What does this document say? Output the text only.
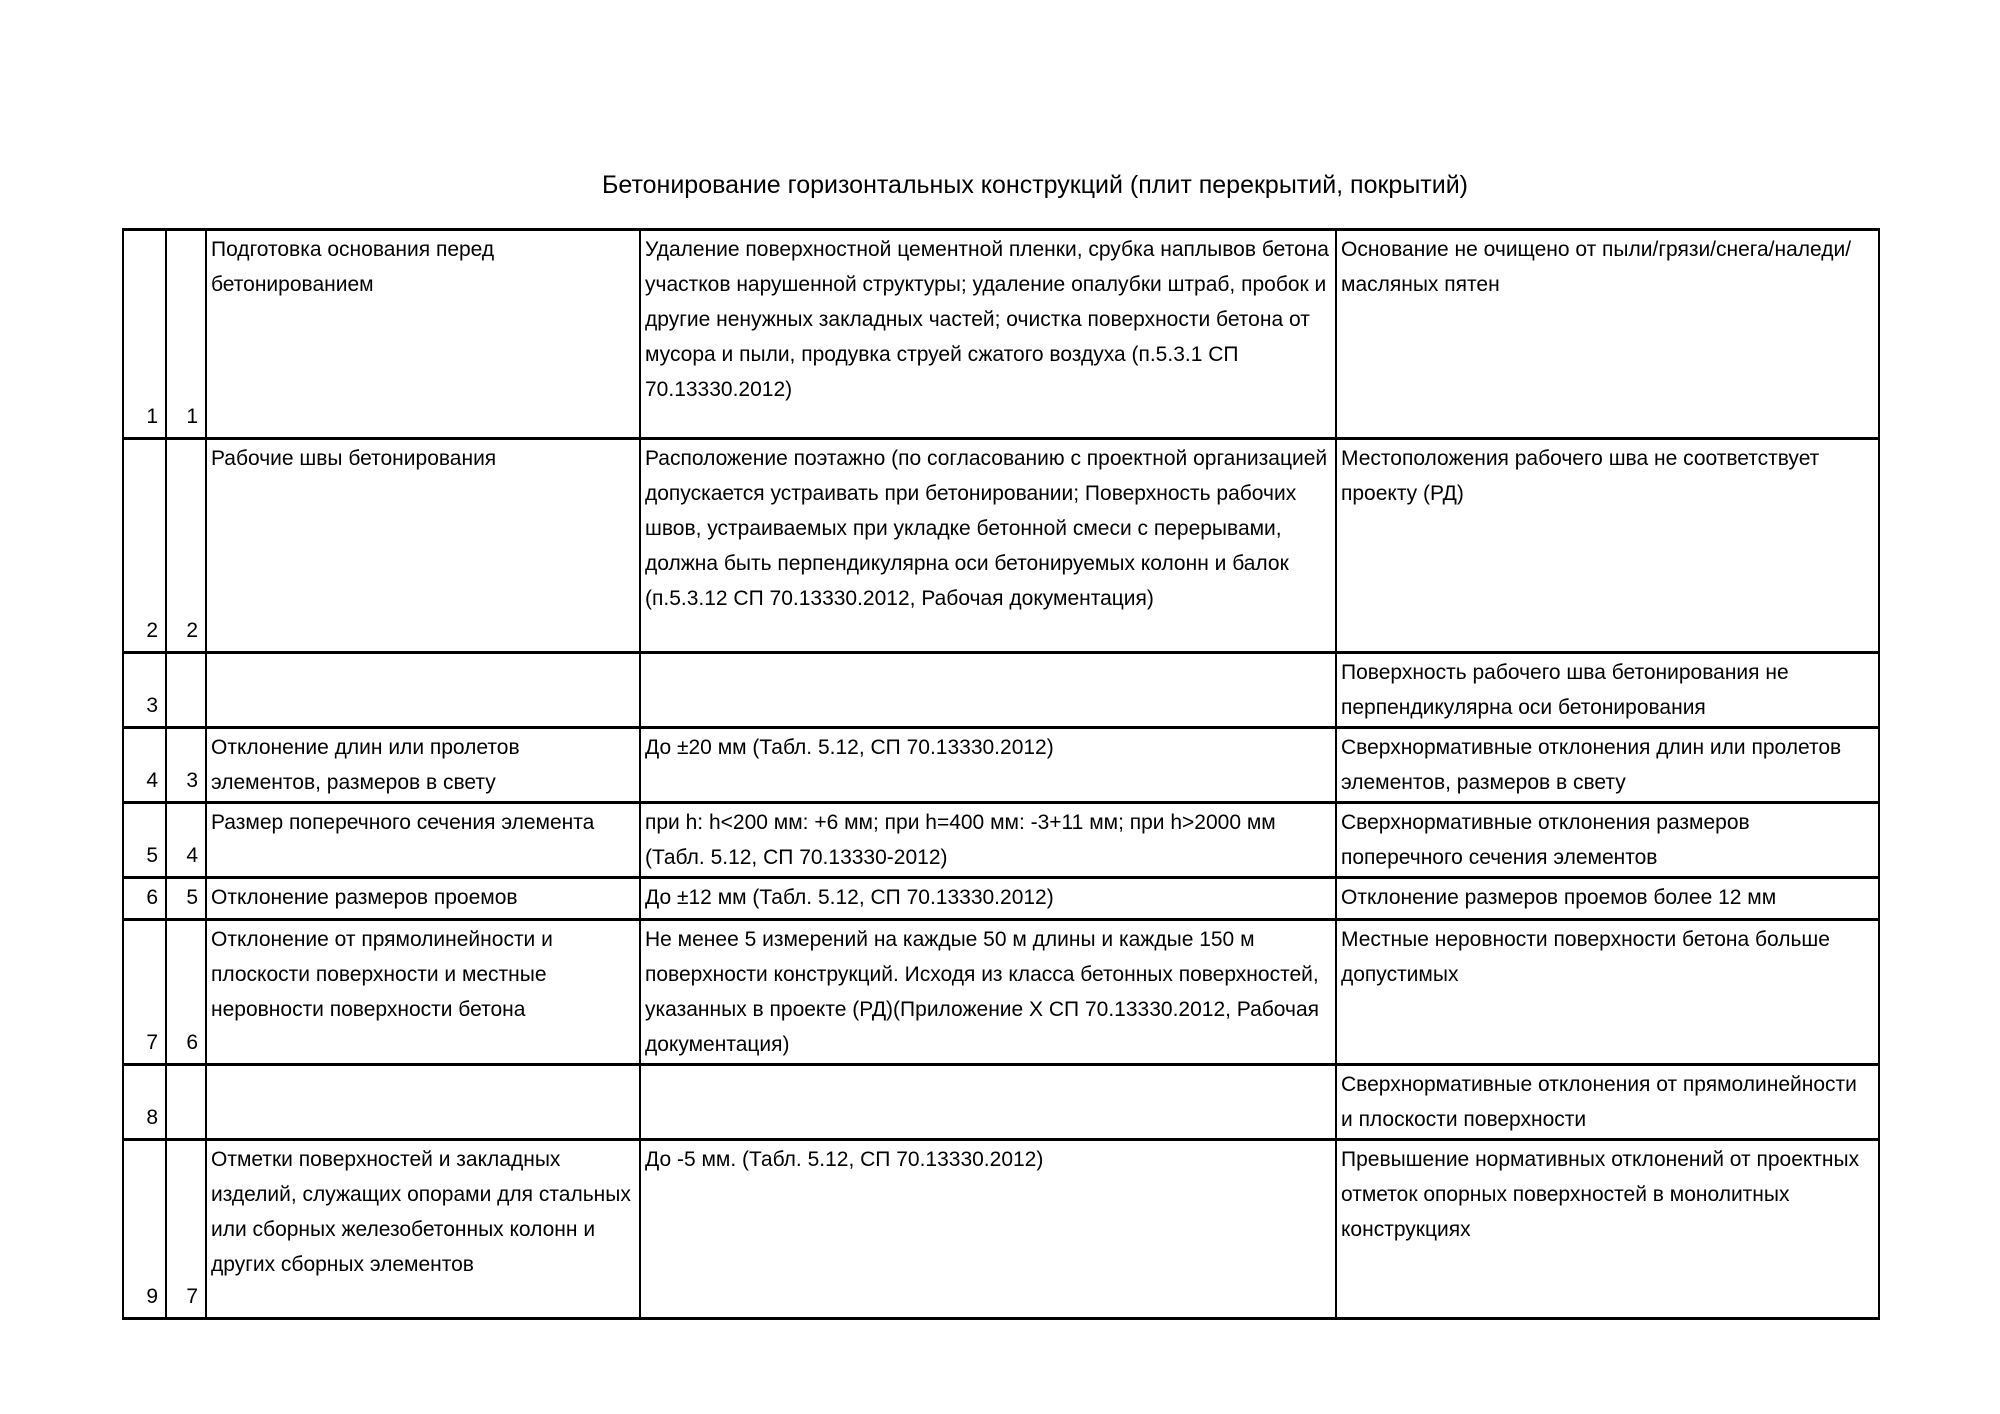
Бетонирование горизонтальных конструкций (плит перекрытий, покрытий)
1	1	Подготовка основания перед бетонированием	Удаление поверхностной цементной пленки, срубка наплывов бетона участков нарушенной структуры; удаление опалубки штраб, пробок и другие ненужных закладных частей; очистка поверхности бетона от мусора и пыли, продувка струей сжатого воздуха (п.5.3.1 СП 70.13330.2012)	Основание не очищено от пыли/грязи/снега/наледи/масляных пятен
2	2	Рабочие швы бетонирования	Расположение поэтажно (по согласованию с проектной организацией допускается устраивать при бетонировании; Поверхность рабочих швов, устраиваемых при укладке бетонной смеси с перерывами, должна быть перпендикулярна оси бетонируемых колонн и балок (п.5.3.12 СП 70.13330.2012, Рабочая документация)	Местоположения рабочего шва не соответствует проекту (РД)
3				Поверхность рабочего шва бетонирования не перпендикулярна оси бетонирования
4	3	Отклонение длин или пролетов элементов, размеров в свету	До ±20 мм (Табл. 5.12, СП 70.13330.2012)	Сверхнормативные отклонения длин или пролетов элементов, размеров в свету
5	4	Размер поперечного сечения элемента	при h: h<200 мм: +6 мм; при h=400 мм: -3+11 мм; при h>2000 мм (Табл. 5.12, СП 70.13330-2012)	Сверхнормативные отклонения размеров поперечного сечения элементов
6	5	Отклонение размеров проемов	До ±12 мм (Табл. 5.12, СП 70.13330.2012)	Отклонение размеров проемов более 12 мм
7	6	Отклонение от прямолинейности и плоскости поверхности и местные неровности поверхности бетона	Не менее 5 измерений на каждые 50 м длины и каждые 150 м поверхности конструкций. Исходя из класса бетонных поверхностей, указанных в проекте (РД)(Приложение Х СП 70.13330.2012, Рабочая документация)	Местные неровности поверхности бетона больше допустимых
8				Сверхнормативные отклонения от прямолинейности и плоскости поверхности
9	7	Отметки поверхностей и закладных изделий, служащих опорами для стальных или сборных железобетонных колонн и других сборных элементов	До -5 мм. (Табл. 5.12, СП 70.13330.2012)	Превышение нормативных отклонений от проектных отметок опорных поверхностей в монолитных конструкциях
